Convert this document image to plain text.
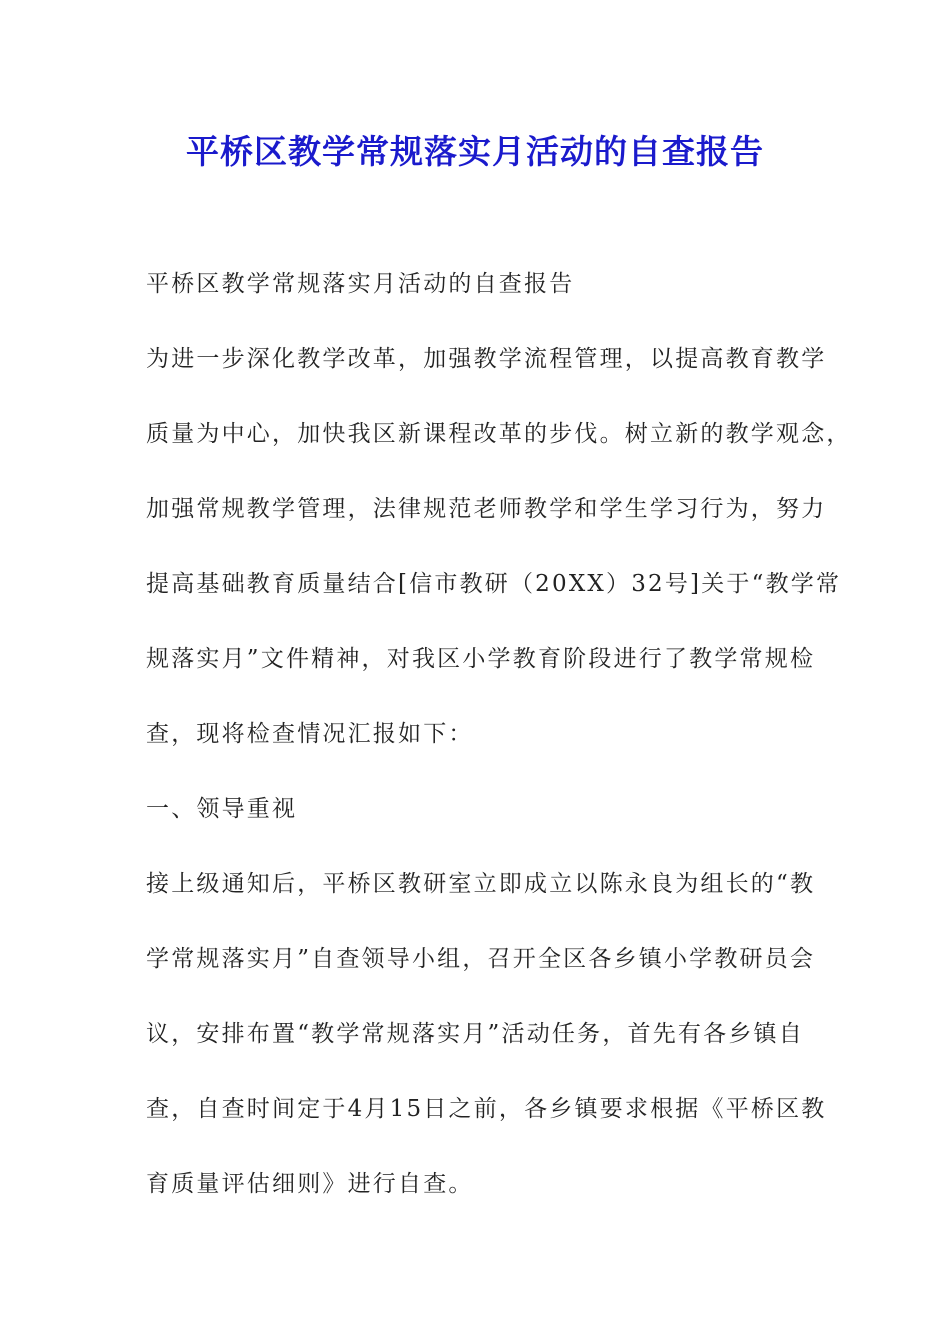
平桥区教学常规落实月活动的自查报告

平桥区教学常规落实月活动的自查报告

为进一步深化教学改革，加强教学流程管理，以提高教育教学

质量为中心，加快我区新课程改革的步伐。树立新的教学观念，

加强常规教学管理，法律规范老师教学和学生学习行为，努力

提高基础教育质量结合[信市教研（20XX）32号]关于“教学常

规落实月”文件精神，对我区小学教育阶段进行了教学常规检

查，现将检查情况汇报如下：

一、领导重视

接上级通知后，平桥区教研室立即成立以陈永良为组长的“教

学常规落实月”自查领导小组，召开全区各乡镇小学教研员会

议，安排布置“教学常规落实月”活动任务，首先有各乡镇自

查，自查时间定于4月15日之前，各乡镇要求根据《平桥区教

育质量评估细则》进行自查。
